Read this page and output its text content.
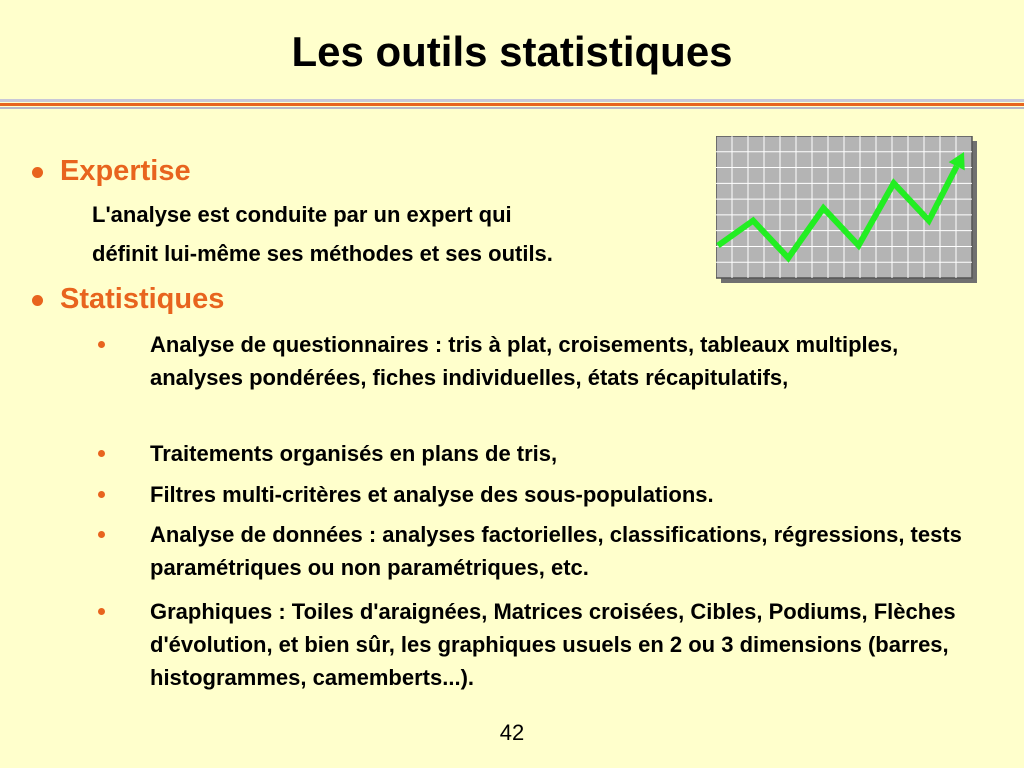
Les outils statistiques
Expertise
L'analyse est conduite par un expert qui
définit lui-même ses méthodes et ses outils.
Statistiques
Analyse de questionnaires : tris à plat, croisements, tableaux multiples, analyses pondérées, fiches individuelles, états récapitulatifs,
Traitements organisés en plans de tris,
Filtres multi-critères et analyse des sous-populations.
Analyse de données : analyses factorielles, classifications, régressions, tests paramétriques ou non paramétriques, etc.
Graphiques : Toiles d'araignées, Matrices croisées, Cibles, Podiums, Flèches d'évolution, et bien sûr, les graphiques usuels en 2 ou 3 dimensions (barres, histogrammes, camemberts...).
42
